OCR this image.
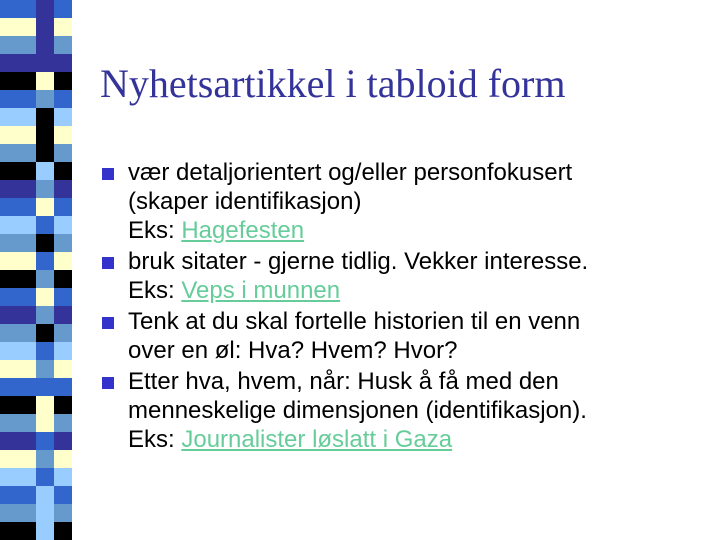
Nyhetsartikkel i tabloid form
vær detaljorientert og/eller personfokusert
(skaper identifikasjon)
Eks: Hagefesten
bruk sitater - gjerne tidlig. Vekker interesse.
Eks: Veps i munnen
Tenk at du skal fortelle historien til en venn
over en øl: Hva? Hvem? Hvor?
Etter hva, hvem, når: Husk å få med den
menneskelige dimensjonen (identifikasjon).
Eks: Journalister løslatt i Gaza
